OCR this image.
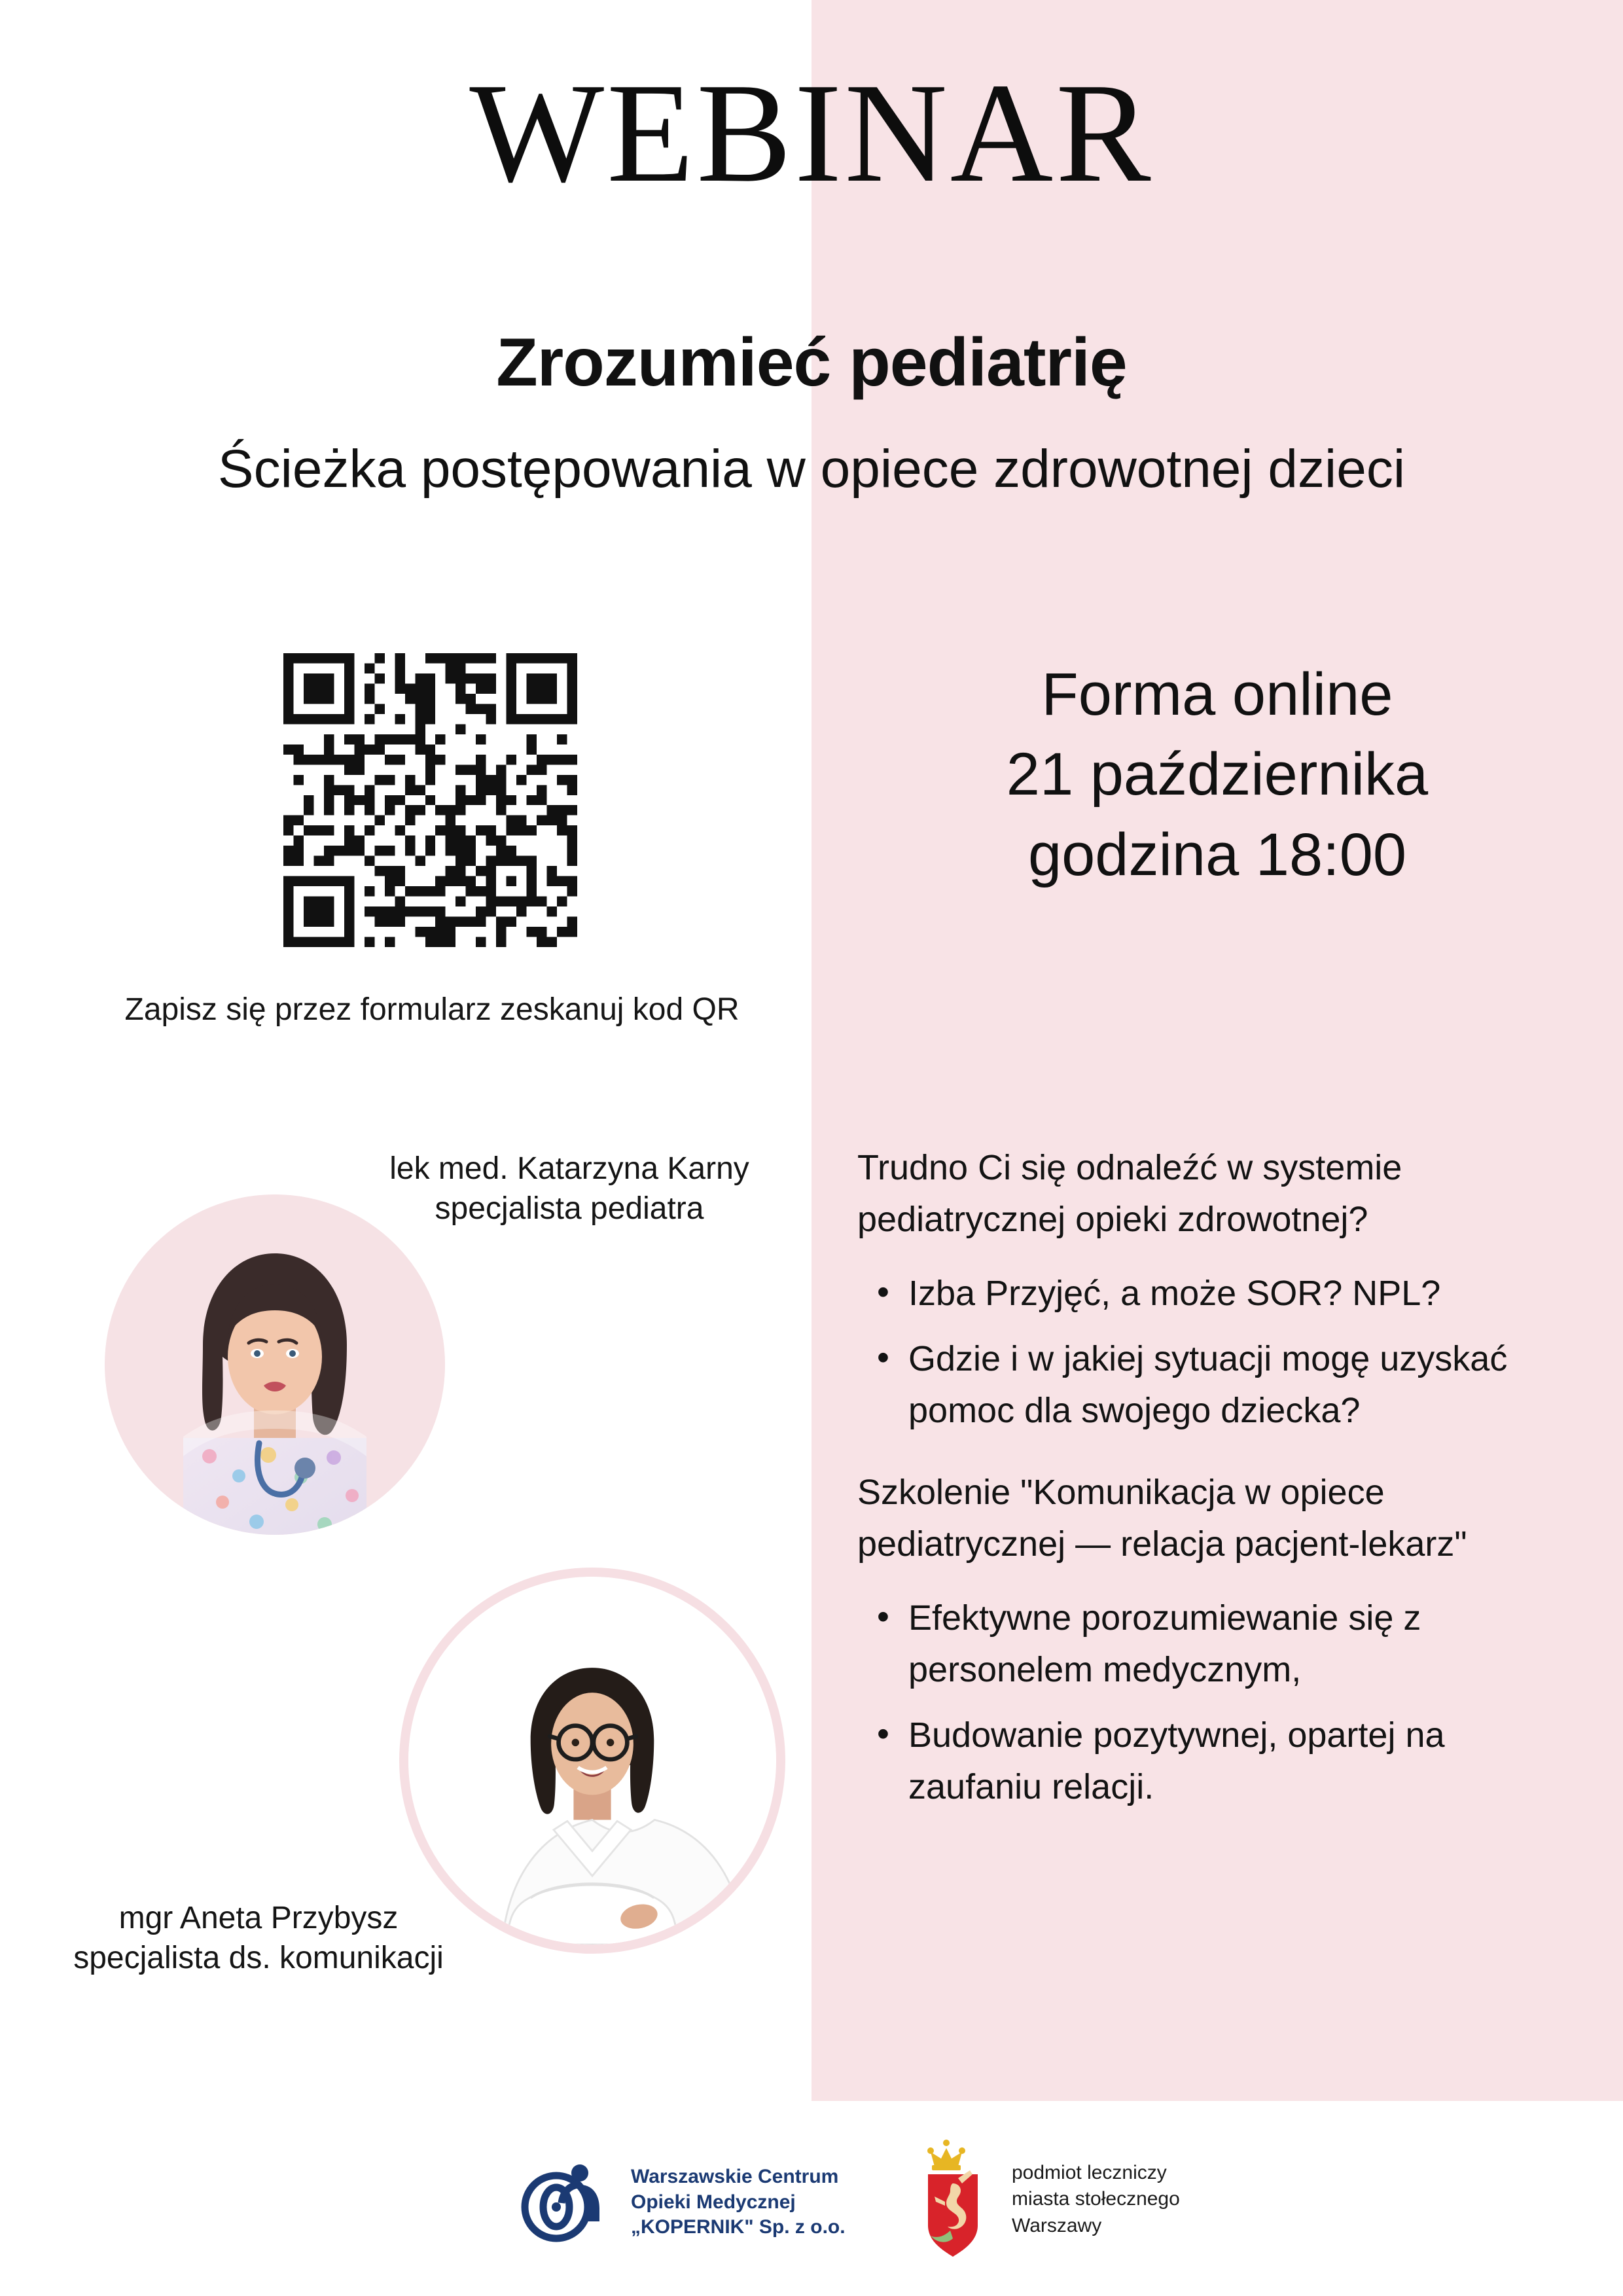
WEBINAR
Zrozumieć pediatrię
Ścieżka postępowania w opiece zdrowotnej dzieci
Zapisz się przez formularz zeskanuj kod QR
Forma online
21 października
godzina 18:00

Trudno Ci się odnaleźć w systemie pediatrycznej opieki zdrowotnej?

• Izba Przyjęć, a może SOR? NPL?
• Gdzie i w jakiej sytuacji mogę uzyskać pomoc dla swojego dziecka?

Szkolenie "Komunikacja w opiece pediatrycznej — relacja pacjent-lekarz"

• Efektywne porozumiewanie się z personelem medycznym,
• Budowanie pozytywnej, opartej na zaufaniu relacji.
lek med. Katarzyna Karny
specjalista pediatra
mgr Aneta Przybysz
specjalista ds. komunikacji
Warszawskie Centrum
Opieki Medycznej
„KOPERNIK" Sp. z o.o.
podmiot leczniczy
miasta stołecznego
Warszawy
